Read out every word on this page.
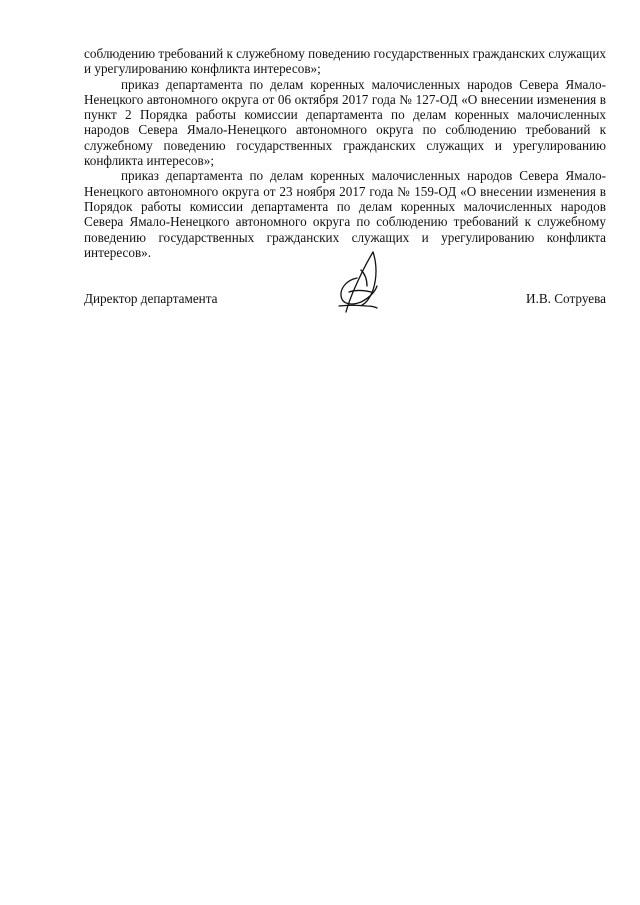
соблюдению требований к служебному поведению государственных гражданских служащих и урегулированию конфликта интересов»;

приказ департамента по делам коренных малочисленных народов Севера Ямало-Ненецкого автономного округа от 06 октября 2017 года № 127-ОД «О внесении изменения в пункт 2 Порядка работы комиссии департамента по делам коренных малочисленных народов Севера Ямало-Ненецкого автономного округа по соблюдению требований к служебному поведению государственных гражданских служащих и урегулированию конфликта интересов»;

приказ департамента по делам коренных малочисленных народов Севера Ямало-Ненецкого автономного округа от 23 ноября 2017 года № 159-ОД «О внесении изменения в Порядок работы комиссии департамента по делам коренных малочисленных народов Севера Ямало-Ненецкого автономного округа по соблюдению требований к служебному поведению государственных гражданских служащих и урегулированию конфликта интересов».

Директор департамента	И.В. Сотруева
